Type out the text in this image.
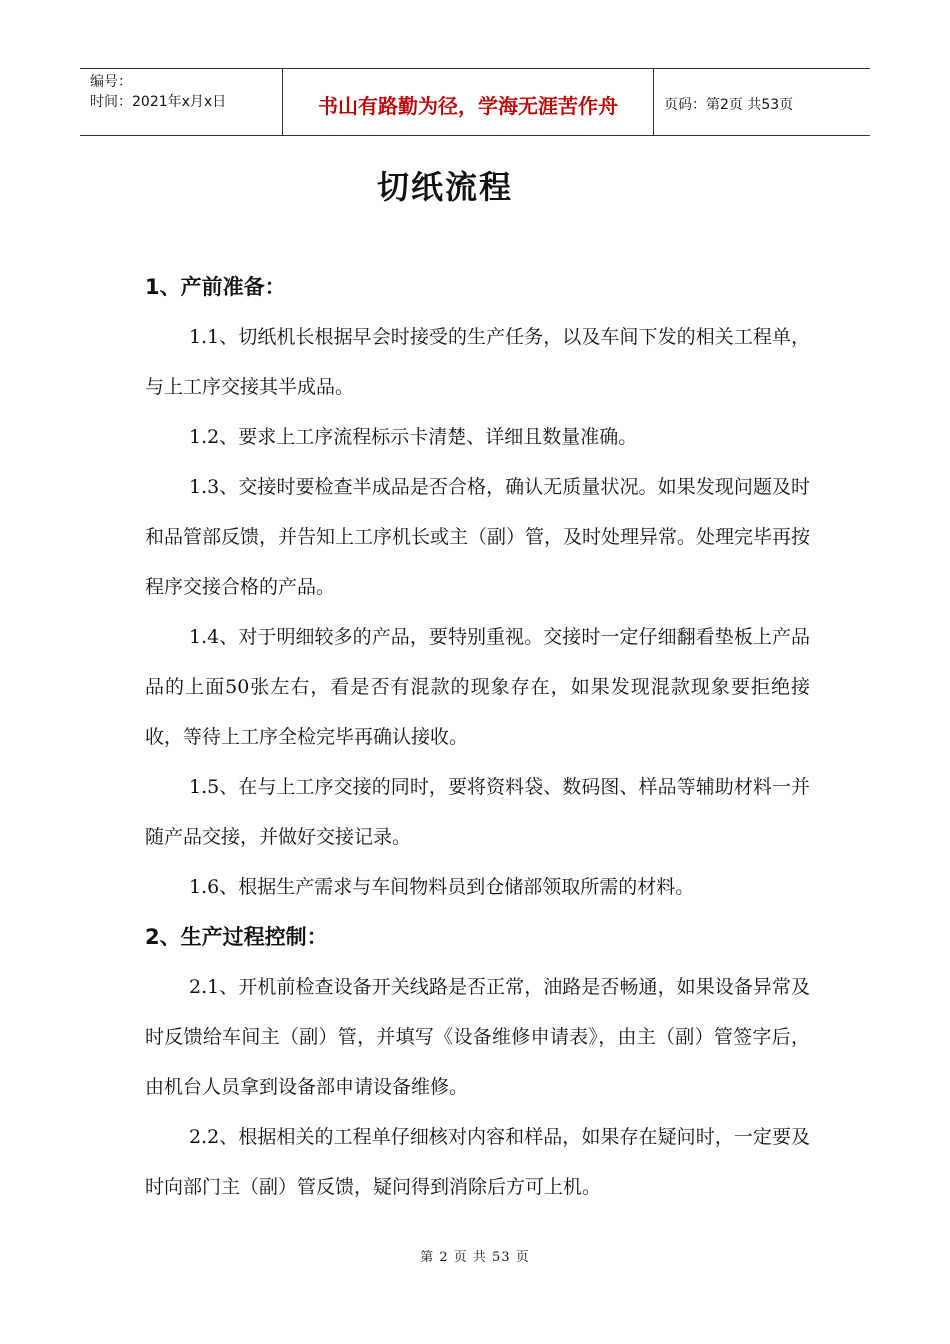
编号：
时间：2021年x月x日	书山有路勤为径，学海无涯苦作舟	页码：第2页 共53页
切纸流程
1、产前准备：
1.1、切纸机长根据早会时接受的生产任务，以及车间下发的相关工程单，与上工序交接其半成品。
1.2、要求上工序流程标示卡清楚、详细且数量准确。
1.3、交接时要检查半成品是否合格，确认无质量状况。如果发现问题及时和品管部反馈，并告知上工序机长或主（副）管，及时处理异常。处理完毕再按程序交接合格的产品。
1.4、对于明细较多的产品，要特别重视。交接时一定仔细翻看垫板上产品品的上面50张左右，看是否有混款的现象存在，如果发现混款现象要拒绝接收，等待上工序全检完毕再确认接收。
1.5、在与上工序交接的同时，要将资料袋、数码图、样品等辅助材料一并随产品交接，并做好交接记录。
1.6、根据生产需求与车间物料员到仓储部领取所需的材料。
2、生产过程控制：
2.1、开机前检查设备开关线路是否正常，油路是否畅通，如果设备异常及时反馈给车间主（副）管，并填写《设备维修申请表》，由主（副）管签字后，由机台人员拿到设备部申请设备维修。
2.2、根据相关的工程单仔细核对内容和样品，如果存在疑问时，一定要及时向部门主（副）管反馈，疑问得到消除后方可上机。
第 2 页 共 53 页
